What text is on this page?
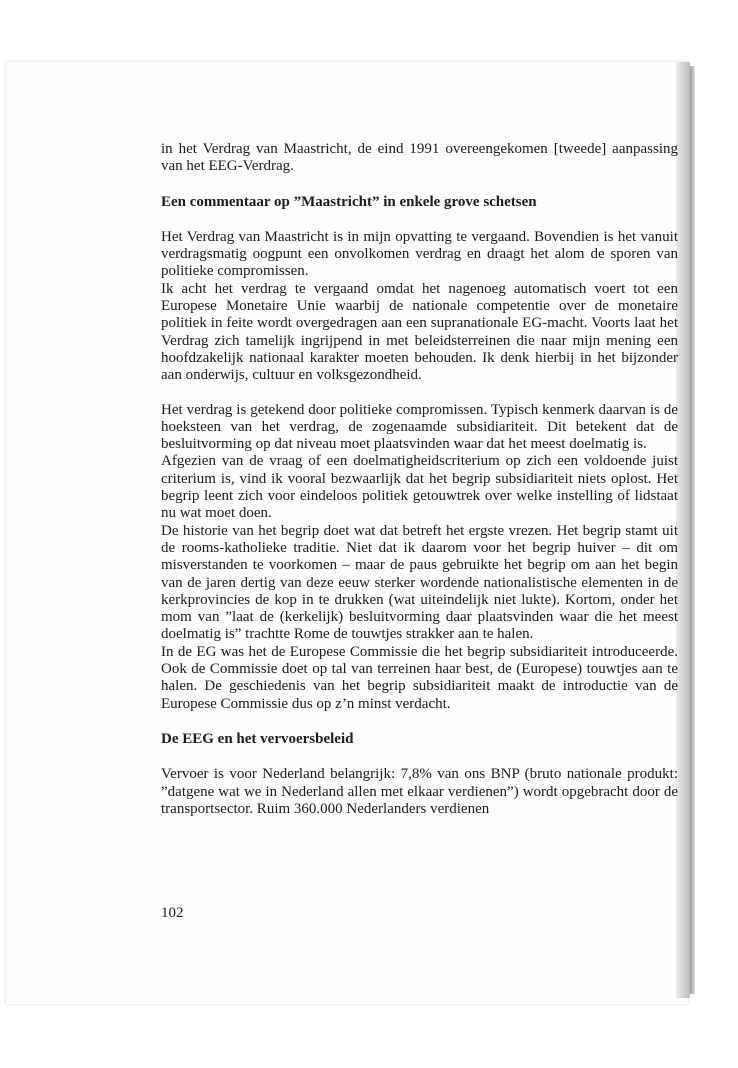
in het Verdrag van Maastricht, de eind 1991 overeengekomen [tweede] aanpassing van het EEG-Verdrag.

Een commentaar op ”Maastricht” in enkele grove schetsen

Het Verdrag van Maastricht is in mijn opvatting te vergaand. Bovendien is het vanuit verdragsmatig oogpunt een onvolkomen verdrag en draagt het alom de sporen van politieke compromissen.

Ik acht het verdrag te vergaand omdat het nagenoeg automatisch voert tot een Europese Monetaire Unie waarbij de nationale competentie over de monetaire politiek in feite wordt overgedragen aan een supranationale EG-macht. Voorts laat het Verdrag zich tamelijk ingrijpend in met beleidsterreinen die naar mijn mening een hoofdzakelijk nationaal karakter moeten behouden. Ik denk hierbij in het bijzonder aan onderwijs, cultuur en volksgezondheid.

Het verdrag is getekend door politieke compromissen. Typisch kenmerk daarvan is de hoeksteen van het verdrag, de zogenaamde subsidiariteit. Dit betekent dat de besluitvorming op dat niveau moet plaatsvinden waar dat het meest doelmatig is.

Afgezien van de vraag of een doelmatigheidscriterium op zich een voldoende juist criterium is, vind ik vooral bezwaarlijk dat het begrip subsidiariteit niets oplost. Het begrip leent zich voor eindeloos politiek getouwtrek over welke instelling of lidstaat nu wat moet doen.

De historie van het begrip doet wat dat betreft het ergste vrezen. Het begrip stamt uit de rooms-katholieke traditie. Niet dat ik daarom voor het begrip huiver – dit om misverstanden te voorkomen – maar de paus gebruikte het begrip om aan het begin van de jaren dertig van deze eeuw sterker wordende nationalistische elementen in de kerkprovincies de kop in te drukken (wat uiteindelijk niet lukte). Kortom, onder het mom van ”laat de (kerkelijk) besluitvorming daar plaatsvinden waar die het meest doelmatig is” trachtte Rome de touwtjes strakker aan te halen.

In de EG was het de Europese Commissie die het begrip subsidiariteit introduceerde. Ook de Commissie doet op tal van terreinen haar best, de (Europese) touwtjes aan te halen. De geschiedenis van het begrip subsidiariteit maakt de introductie van de Europese Commissie dus op z’n minst verdacht.

De EEG en het vervoersbeleid

Vervoer is voor Nederland belangrijk: 7,8% van ons BNP (bruto nationale produkt: ”datgene wat we in Nederland allen met elkaar verdienen”) wordt opgebracht door de transportsector. Ruim 360.000 Nederlanders verdienen

102
